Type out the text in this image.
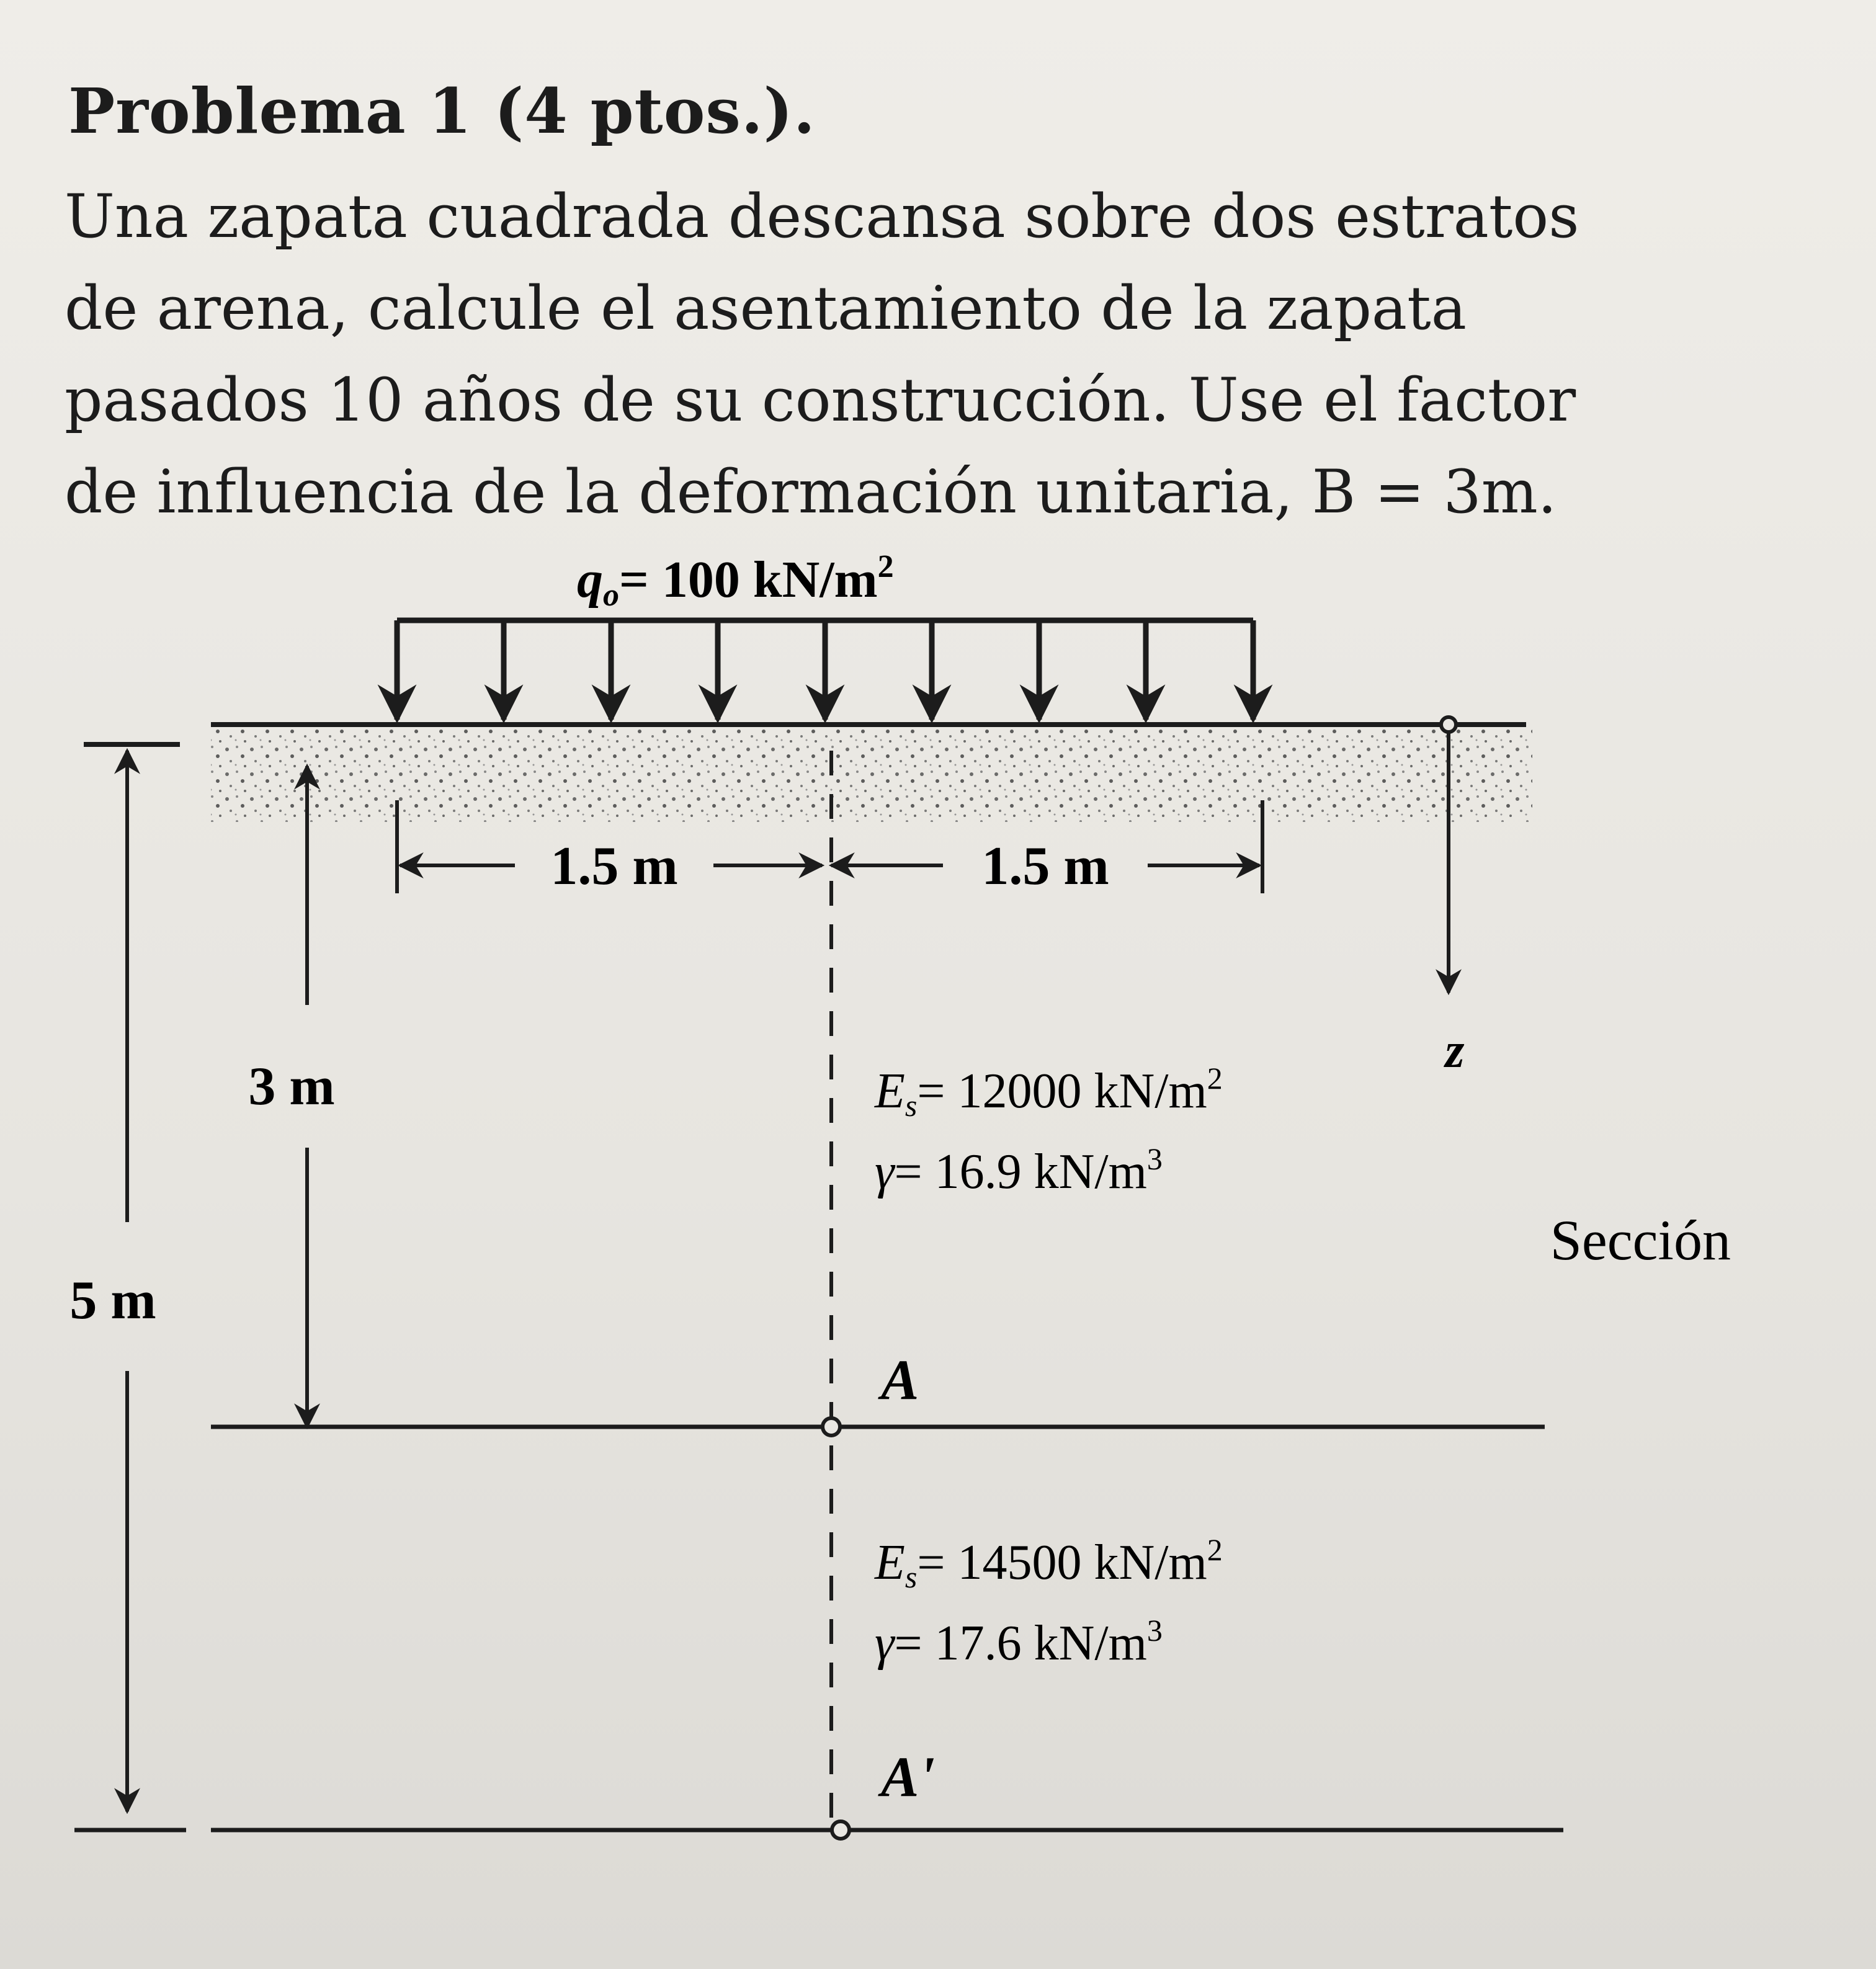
Problema 1 (4 ptos.).
Una zapata cuadrada descansa sobre dos estratos
de arena, calcule el asentamiento de la zapata
pasados 10 años de su construcción. Use el factor
de influencia de la deformación unitaria, B = 3m.
qo= 100 $kN/m^2$
1.5 m	1.5 m
z
3 m
5 m
Es= 12000 $kN/m^2$
γ= 16.9 $kN/m^3$
Sección
A
Es= 14500 $kN/m^2$
γ= 17.6 $kN/m^3$
A'
